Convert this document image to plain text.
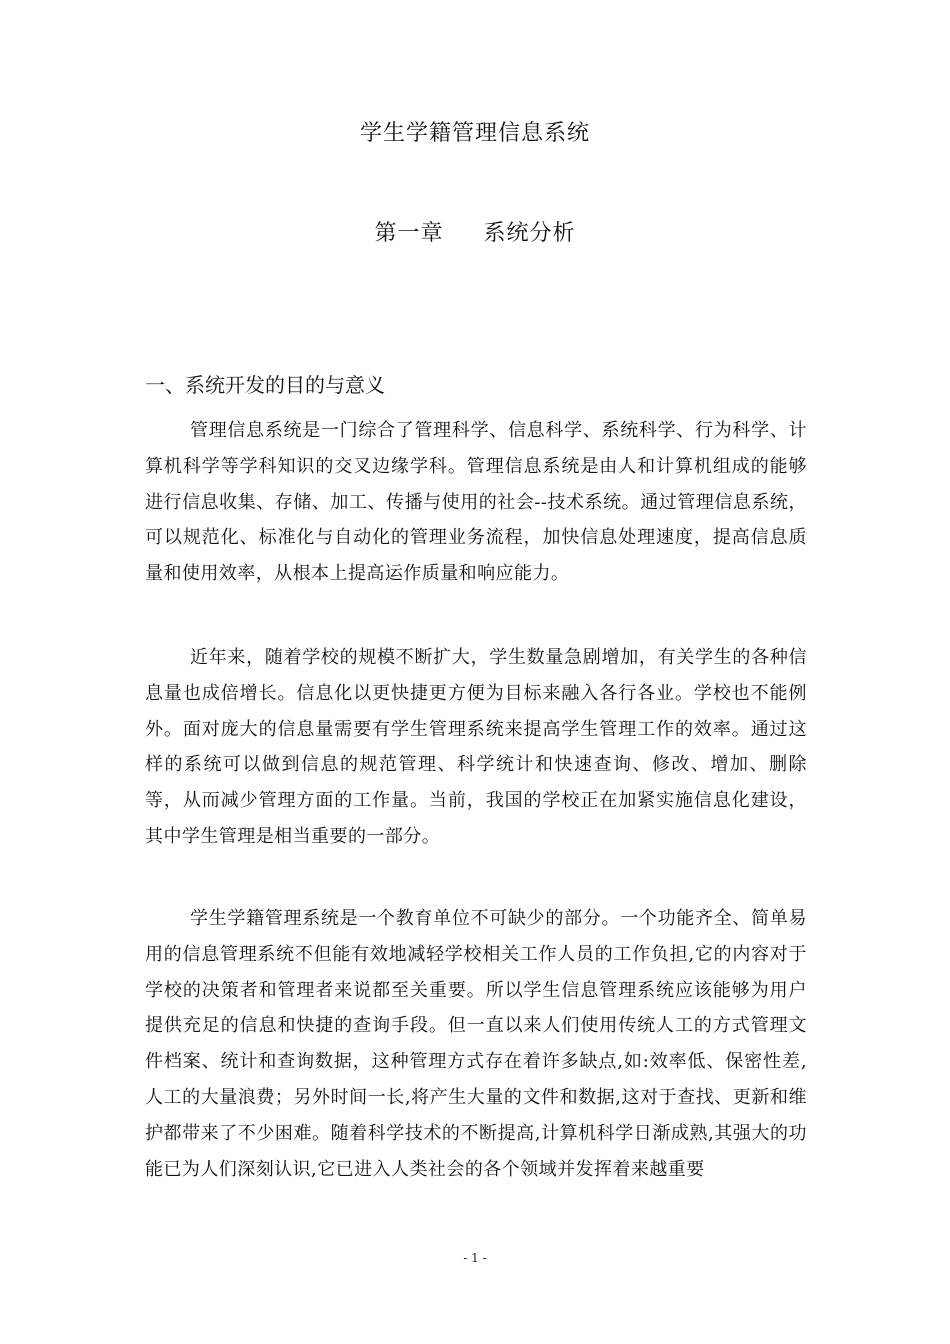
学生学籍管理信息系统
第一章 系统分析
一、系统开发的目的与意义

管理信息系统是一门综合了管理科学、信息科学、系统科学、行为科学、计算机科学等学科知识的交叉边缘学科。管理信息系统是由人和计算机组成的能够进行信息收集、存储、加工、传播与使用的社会--技术系统。通过管理信息系统，可以规范化、标准化与自动化的管理业务流程，加快信息处理速度，提高信息质量和使用效率，从根本上提高运作质量和响应能力。

近年来，随着学校的规模不断扩大，学生数量急剧增加，有关学生的各种信息量也成倍增长。信息化以更快捷更方便为目标来融入各行各业。学校也不能例外。面对庞大的信息量需要有学生管理系统来提高学生管理工作的效率。通过这样的系统可以做到信息的规范管理、科学统计和快速查询、修改、增加、删除等，从而减少管理方面的工作量。当前，我国的学校正在加紧实施信息化建设，其中学生管理是相当重要的一部分。

学生学籍管理系统是一个教育单位不可缺少的部分。一个功能齐全、简单易用的信息管理系统不但能有效地减轻学校相关工作人员的工作负担,它的内容对于学校的决策者和管理者来说都至关重要。所以学生信息管理系统应该能够为用户提供充足的信息和快捷的查询手段。但一直以来人们使用传统人工的方式管理文件档案、统计和查询数据，这种管理方式存在着许多缺点,如:效率低、保密性差,人工的大量浪费；另外时间一长,将产生大量的文件和数据,这对于查找、更新和维护都带来了不少困难。随着科学技术的不断提高,计算机科学日渐成熟,其强大的功能已为人们深刻认识,它已进入人类社会的各个领域并发挥着来越重要

- 1 -
